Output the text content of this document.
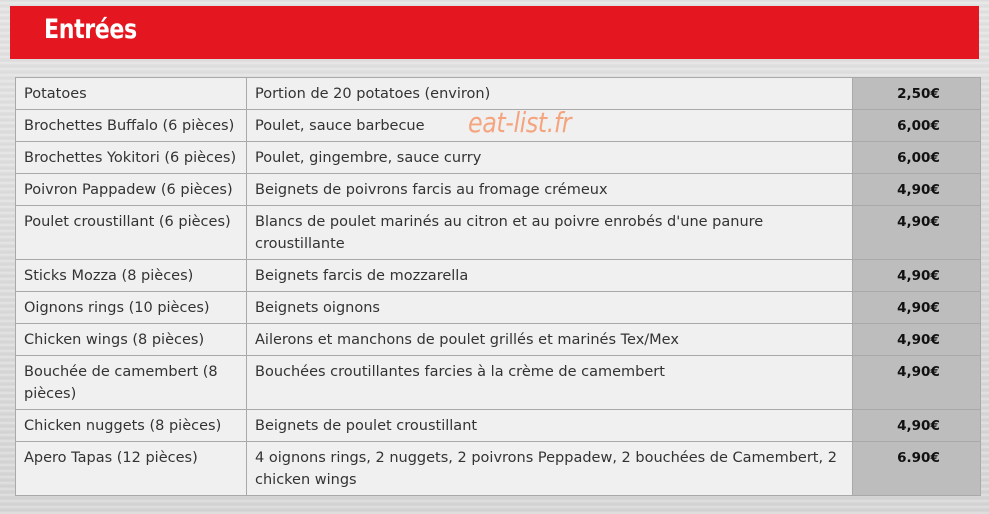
Entrées
Potatoes	Portion de 20 potatoes (environ)	2,50€
Brochettes Buffalo (6 pièces)	Poulet, sauce barbecue	6,00€
Brochettes Yokitori (6 pièces)	Poulet, gingembre, sauce curry	6,00€
Poivron Pappadew (6 pièces)	Beignets de poivrons farcis au fromage crémeux	4,90€
Poulet croustillant (6 pièces)	Blancs de poulet marinés au citron et au poivre enrobés d'une panure croustillante	4,90€
Sticks Mozza (8 pièces)	Beignets farcis de mozzarella	4,90€
Oignons rings (10 pièces)	Beignets oignons	4,90€
Chicken wings (8 pièces)	Ailerons et manchons de poulet grillés et marinés Tex/Mex	4,90€
Bouchée de camembert (8 pièces)	Bouchées croutillantes farcies à la crème de camembert	4,90€
Chicken nuggets (8 pièces)	Beignets de poulet croustillant	4,90€
Apero Tapas (12 pièces)	4 oignons rings, 2 nuggets, 2 poivrons Peppadew, 2 bouchées de Camembert, 2 chicken wings	6.90€
eat-list.fr
